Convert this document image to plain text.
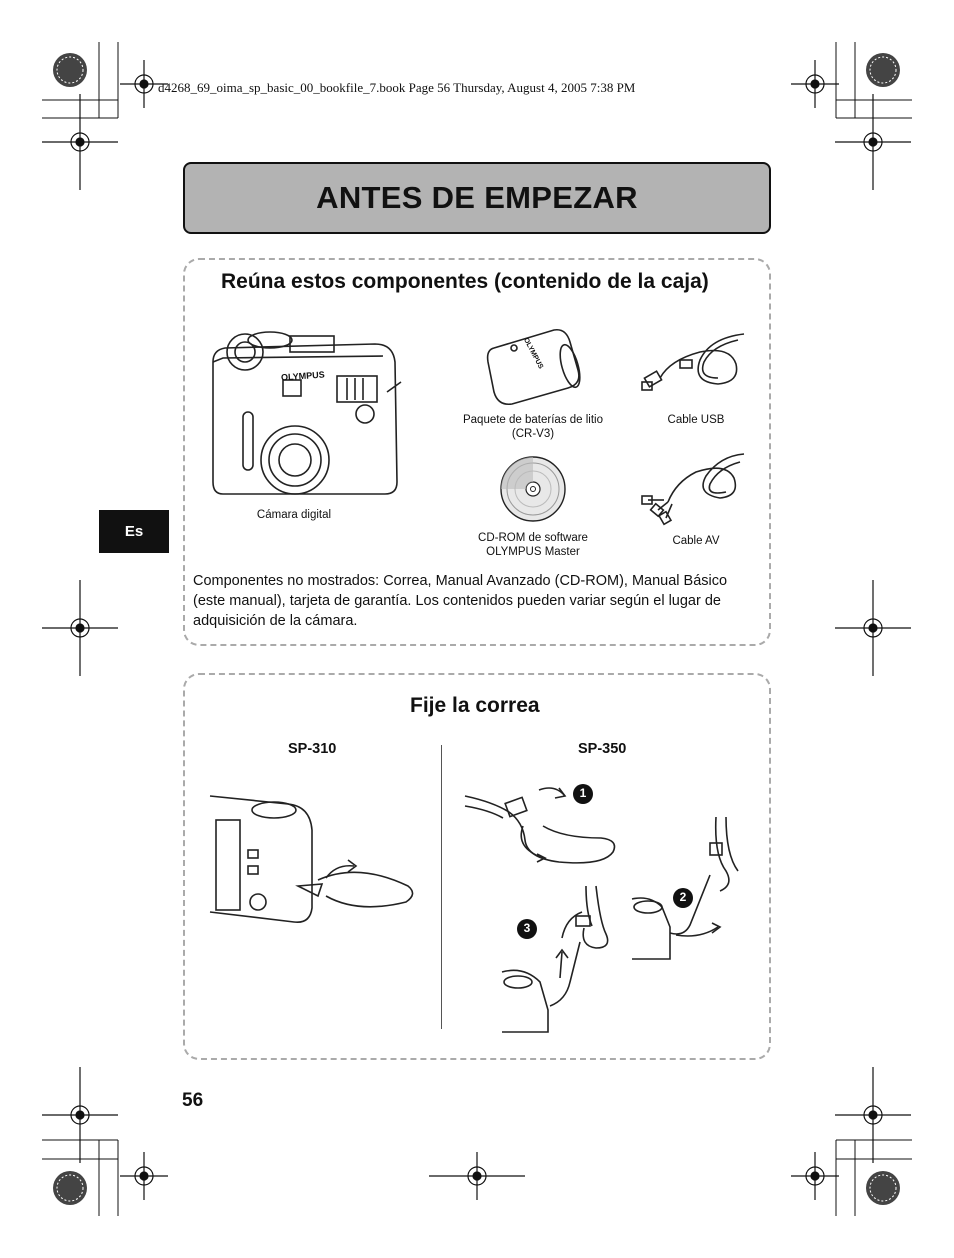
d4268_69_oima_sp_basic_00_bookfile_7.book Page 56 Thursday, August 4, 2005 7:38 PM
ANTES DE EMPEZAR
Es
Reúna estos componentes (contenido de la caja)
OLYMPUS
Cámara digital
OLYMPUS
Paquete de baterías de litio
(CR-V3)
Cable USB
CD-ROM de software
OLYMPUS Master
Cable AV
Componentes no mostrados: Correa, Manual Avanzado (CD-ROM), Manual Básico (este manual), tarjeta de garantía. Los contenidos pueden variar según el lugar de adquisición de la cámara.
Fije la correa
SP-310	SP-350
1
2
3
56
